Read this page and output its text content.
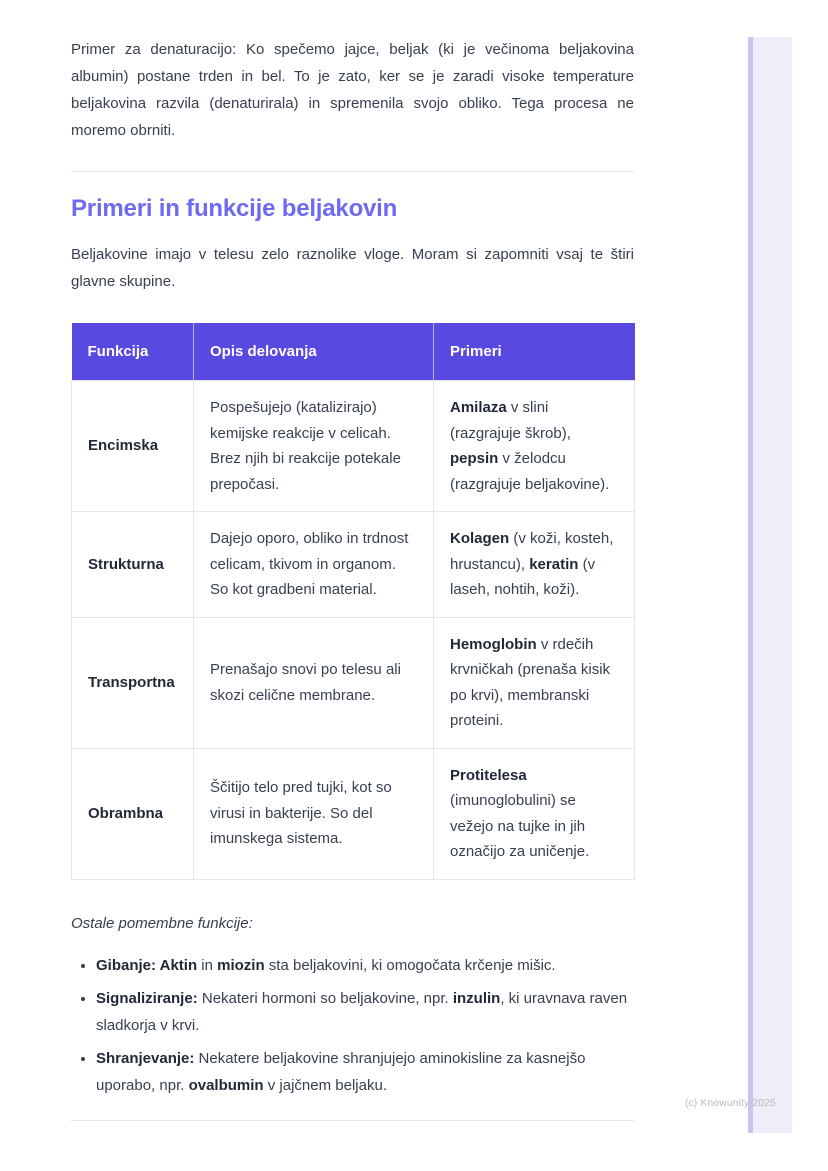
Primer za denaturacijo: Ko spečemo jajce, beljak (ki je večinoma beljakovina albumin) postane trden in bel. To je zato, ker se je zaradi visoke temperature beljakovina razvila (denaturirala) in spremenila svojo obliko. Tega procesa ne moremo obrniti.

Primeri in funkcije beljakovin

Beljakovine imajo v telesu zelo raznolike vloge. Moram si zapomniti vsaj te štiri glavne skupine.

Funkcija	Opis delovanja	Primeri
Encimska	Pospešujejo (katalizirajo) kemijske reakcije v celicah. Brez njih bi reakcije potekale prepočasi.	Amilaza v slini (razgrajuje škrob), pepsin v želodcu (razgrajuje beljakovine).
Strukturna	Dajejo oporo, obliko in trdnost celicam, tkivom in organom. So kot gradbeni material.	Kolagen (v koži, kosteh, hrustancu), keratin (v laseh, nohtih, koži).
Transportna	Prenašajo snovi po telesu ali skozi celične membrane.	Hemoglobin v rdečih krvničkah (prenaša kisik po krvi), membranski proteini.
Obrambna	Ščitijo telo pred tujki, kot so virusi in bakterije. So del imunskega sistema.	Protitelesa (imunoglobulini) se vežejo na tujke in jih označijo za uničenje.

Ostale pomembne funkcije:

• Gibanje: Aktin in miozin sta beljakovini, ki omogočata krčenje mišic.
• Signaliziranje: Nekateri hormoni so beljakovine, npr. inzulin, ki uravnava raven sladkorja v krvi.
• Shranjevanje: Nekatere beljakovine shranjujejo aminokisline za kasnejšo uporabo, npr. ovalbumin v jajčnem beljaku.
(c) Knowunity 2025
